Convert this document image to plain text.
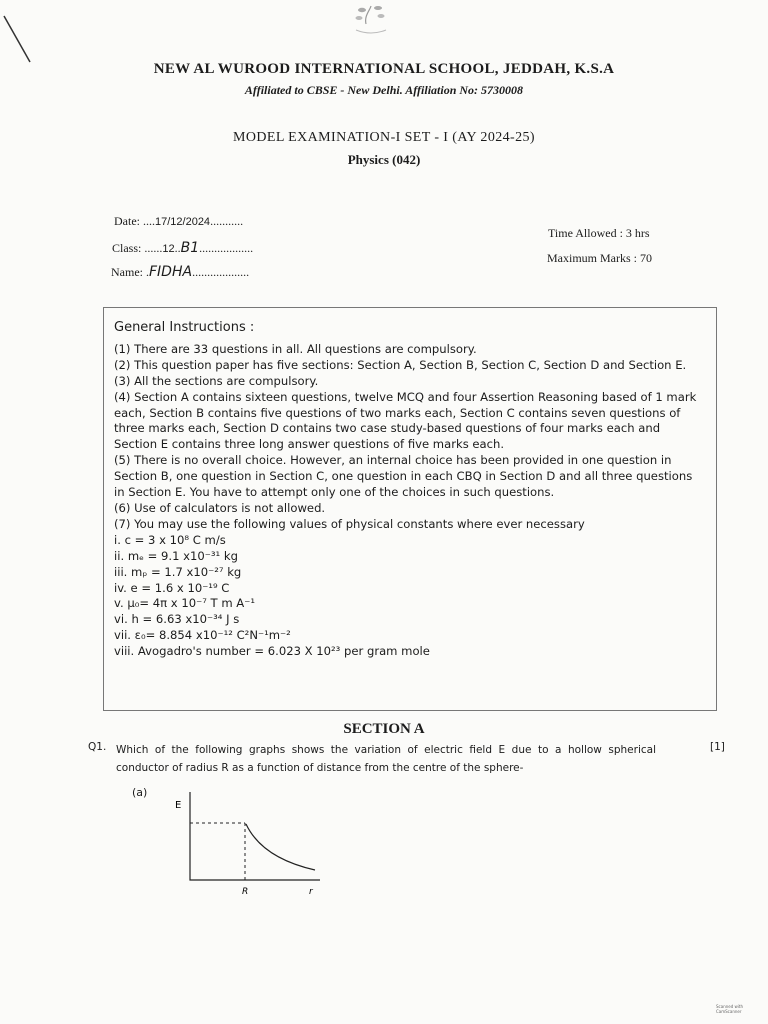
NEW AL WUROOD INTERNATIONAL SCHOOL, JEDDAH, K.S.A
Affiliated to CBSE - New Delhi. Affiliation No: 5730008
MODEL EXAMINATION-I SET - I (AY 2024-25)
Physics (042)
Date: ....17/12/2024...........
Class: ......12..B1..................
Name: .FIDHA...................
Time Allowed : 3 hrs
Maximum Marks : 70
General Instructions :

(1) There are 33 questions in all. All questions are compulsory.

(2) This question paper has five sections: Section A, Section B, Section C, Section D and Section E.

(3) All the sections are compulsory.

(4) Section A contains sixteen questions, twelve MCQ and four Assertion Reasoning based of 1 mark each, Section B contains five questions of two marks each, Section C contains seven questions of three marks each, Section D contains two case study-based questions of four marks each and Section E contains three long answer questions of five marks each.

(5) There is no overall choice. However, an internal choice has been provided in one question in Section B, one question in Section C, one question in each CBQ in Section D and all three questions in Section E. You have to attempt only one of the choices in such questions.

(6) Use of calculators is not allowed.

(7) You may use the following values of physical constants where ever necessary

i. c = 3 x 10⁸ C m/s

ii. mₑ = 9.1 x10⁻³¹ kg

iii. mₚ = 1.7 x10⁻²⁷ kg

iv. e = 1.6 x 10⁻¹⁹ C

v. μ₀= 4π x 10⁻⁷ T m A⁻¹

vi. h = 6.63 x10⁻³⁴ J s

vii. ε₀= 8.854 x10⁻¹² C²N⁻¹m⁻²

viii. Avogadro's number = 6.023 X 10²³ per gram mole

SECTION A
Q1. Which of the following graphs shows the variation of electric field E due to a hollow spherical conductor of radius R as a function of distance from the centre of the sphere-
[1]
(a)
E
R	r
Scanned with
CamScanner
